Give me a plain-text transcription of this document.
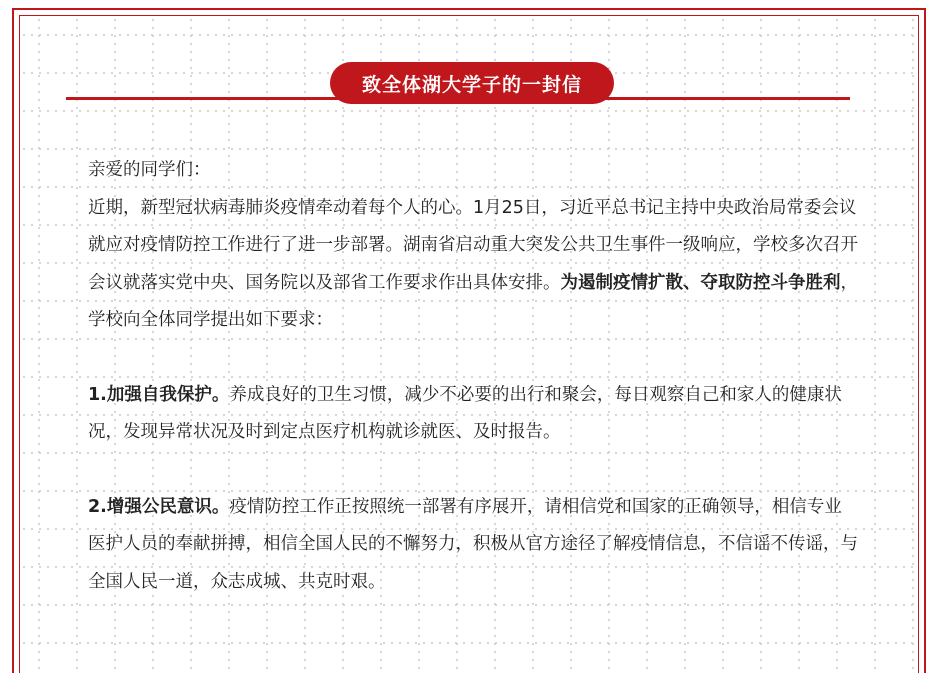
致全体湖大学子的一封信

亲爱的同学们：

近期，新型冠状病毒肺炎疫情牵动着每个人的心。1月25日，习近平总书记主持中央政治局常委会议就应对疫情防控工作进行了进一步部署。湖南省启动重大突发公共卫生事件一级响应，学校多次召开会议就落实党中央、国务院以及部省工作要求作出具体安排。为遏制疫情扩散、夺取防控斗争胜利，学校向全体同学提出如下要求：

1.加强自我保护。养成良好的卫生习惯，减少不必要的出行和聚会，每日观察自己和家人的健康状况，发现异常状况及时到定点医疗机构就诊就医、及时报告。

2.增强公民意识。疫情防控工作正按照统一部署有序展开，请相信党和国家的正确领导，相信专业医护人员的奉献拼搏，相信全国人民的不懈努力，积极从官方途径了解疫情信息，不信谣不传谣，与全国人民一道，众志成城、共克时艰。
